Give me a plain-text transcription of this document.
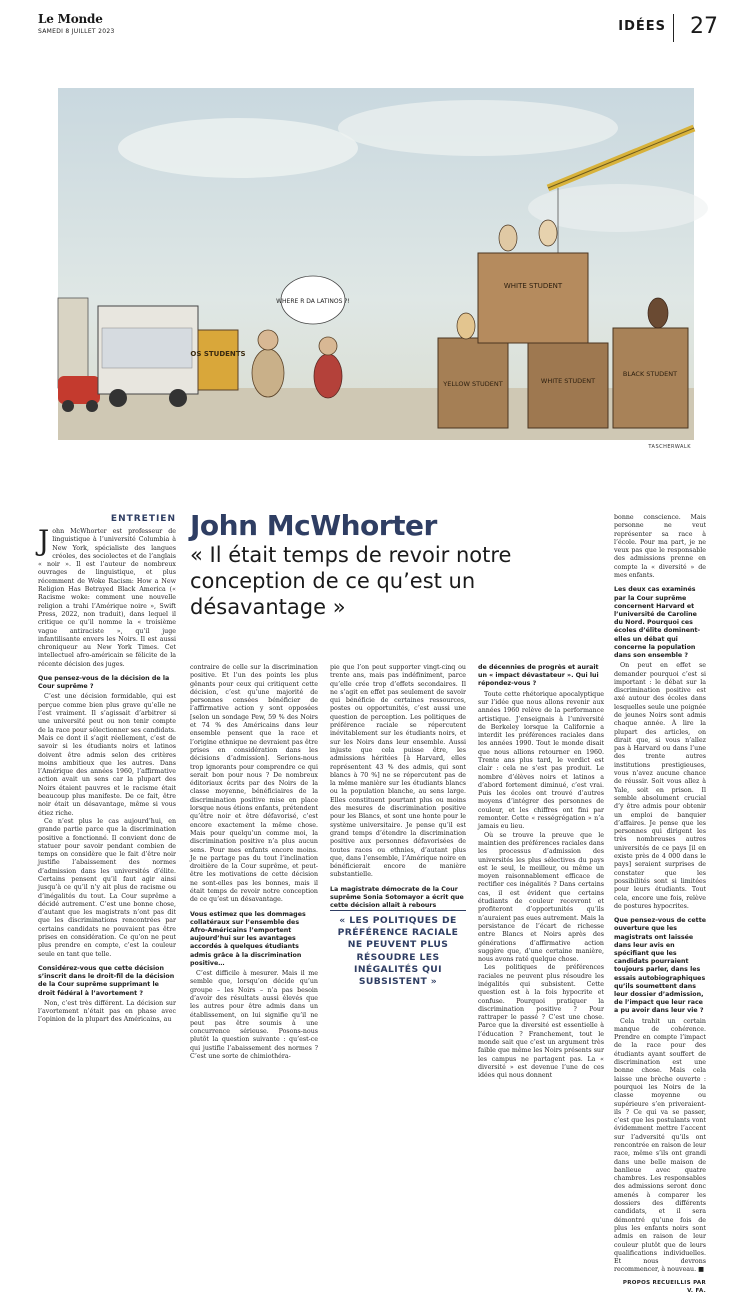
Le Monde
SAMEDI 8 JUILLET 2023	IDÉES 27
OS STUDENTS
WHERE R DA LATINOS ?!
YELLOW STUDENT
WHITE STUDENT
WHITE STUDENT
BLACK STUDENT
TASCHERWALK
ENTRETIEN John McWhorter
« Il était temps de revoir notre conception de ce qu’est un désavantage »

John McWhorter est professeur de linguistique à l’université Columbia à New York, spécialiste des langues créoles, des sociolectes et de l’anglais « noir ». Il est l’auteur de nombreux ouvrages de linguistique, et plus récemment de Woke Racism: How a New Religion Has Betrayed Black America (« Racisme woke: comment une nouvelle religion a trahi l’Amérique noire », Swift Press, 2022, non traduit), dans lequel il critique ce qu’il nomme la « troisième vague antiraciste », qu’il juge infantilisante envers les Noirs. Il est aussi chroniqueur au New York Times. Cet intellectuel afro-américain se félicite de la récente décision des juges.

Que pensez-vous de la décision de la Cour suprême ?

C’est une décision formidable, qui est perçue comme bien plus grave qu’elle ne l’est vraiment. Il s’agissait d’arbitrer si une université peut ou non tenir compte de la race pour sélectionner ses candidats. Mais ce dont il s’agit réellement, c’est de savoir si les étudiants noirs et latinos doivent être admis selon des critères moins ambitieux que les autres. Dans l’Amérique des années 1960, l’affirmative action avait un sens car la plupart des Noirs étaient pauvres et le racisme était beaucoup plus manifeste. De ce fait, être noir était un désavantage, même si vous étiez riche.

Ce n’est plus le cas aujourd’hui, en grande partie parce que la discrimination positive a fonctionné. Il convient donc de statuer pour savoir pendant combien de temps on considère que le fait d’être noir justifie l’abaissement des normes d’admission dans les universités d’élite. Certains pensent qu’il faut agir ainsi jusqu’à ce qu’il n’y ait plus de racisme ou d’inégalités du tout. La Cour suprême a décidé autrement. C’est une bonne chose, d’autant que les magistrats n’ont pas dit que les discriminations rencontrées par certains candidats ne pouvaient pas être prises en considération. Ce qu’on ne peut plus prendre en compte, c’est la couleur seule en tant que telle.

Considérez-vous que cette décision s’inscrit dans le droit-fil de la décision de la Cour suprême supprimant le droit fédéral à l’avortement ?

Non, c’est très différent. La décision sur l’avortement n’était pas en phase avec l’opinion de la plupart des Américains, au

contraire de celle sur la discrimination positive. Et l’un des points les plus gênants pour ceux qui critiquent cette décision, c’est qu’une majorité de personnes censées bénéficier de l’affirmative action y sont opposées [selon un sondage Pew, 59 % des Noirs et 74 % des Américains dans leur ensemble pensent que la race et l’origine ethnique ne devraient pas être prises en considération dans les décisions d’admission]. Serions-nous trop ignorants pour comprendre ce qui serait bon pour nous ? De nombreux éditoriaux écrits par des Noirs de la classe moyenne, bénéficiaires de la discrimination positive mise en place lorsque nous étions enfants, prétendent qu’être noir et être défavorisé, c’est encore exactement la même chose. Mais pour quelqu’un comme moi, la discrimination positive n’a plus aucun sens. Pour mes enfants encore moins. Je ne partage pas du tout l’inclination droitière de la Cour suprême, et peut-être les motivations de cette décision ne sont-elles pas les bonnes, mais il était temps de revoir notre conception de ce qu’est un désavantage.

Vous estimez que les dommages collatéraux sur l’ensemble des Afro-Américains l’emportent aujourd’hui sur les avantages accordés à quelques étudiants admis grâce à la discrimination positive…

C’est difficile à mesurer. Mais il me semble que, lorsqu’on décide qu’un groupe – les Noirs – n’a pas besoin d’avoir des résultats aussi élevés que les autres pour être admis dans un établissement, on lui signifie qu’il ne peut pas être soumis à une concurrence sérieuse. Posons-nous plutôt la question suivante : qu’est-ce qui justifie l’abaissement des normes ? C’est une sorte de chimiothéra-

pie que l’on peut supporter vingt-cinq ou trente ans, mais pas indéfiniment, parce qu’elle crée trop d’effets secondaires. Il ne s’agit en effet pas seulement de savoir qui bénéficie de certaines ressources, postes ou opportunités, c’est aussi une question de perception. Les politiques de préférence raciale se répercutent inévitablement sur les étudiants noirs, et sur les Noirs dans leur ensemble. Aussi injuste que cela puisse être, les admissions héritées [à Harvard, elles représentent 43 % des admis, qui sont blancs à 70 %] ne se répercutent pas de la même manière sur les étudiants blancs ou la population blanche, au sens large. Elles constituent pourtant plus ou moins des mesures de discrimination positive pour les Blancs, et sont une honte pour le système universitaire. Je pense qu’il est grand temps d’étendre la discrimination positive aux personnes défavorisées de toutes races ou ethnies, d’autant plus que, dans l’ensemble, l’Amérique noire en bénéficierait encore de manière substantielle.

La magistrate démocrate de la Cour suprême Sonia Sotomayor a écrit que cette décision allait à rebours

« LES POLITIQUES DE PRÉFÉRENCE RACIALE NE PEUVENT PLUS RÉSOUDRE LES INÉGALITÉS QUI SUBSISTENT »

de décennies de progrès et aurait un « impact dévastateur ». Qui lui répondez-vous ?

Toute cette rhétorique apocalyptique sur l’idée que nous allons revenir aux années 1960 relève de la performance artistique. J’enseignais à l’université de Berkeley lorsque la Californie a interdit les préférences raciales dans les années 1990. Tout le monde disait que nous allions retourner en 1960. Trente ans plus tard, le verdict est clair : cela ne s’est pas produit. Le nombre d’élèves noirs et latinos a d’abord fortement diminué, c’est vrai. Puis les écoles ont trouvé d’autres moyens d’intégrer des personnes de couleur, et les chiffres ont fini par remonter. Cette « rességrégation » n’a jamais eu lieu.

Où se trouve la preuve que le maintien des préférences raciales dans les processus d’admission des universités les plus sélectives du pays est le seul, le meilleur, ou même un moyen raisonnablement efficace de rectifier ces inégalités ? Dans certains cas, il est évident que certains étudiants de couleur recevront et profiteront d’opportunités qu’ils n’auraient pas eues autrement. Mais la persistance de l’écart de richesse entre Blancs et Noirs après des générations d’affirmative action suggère que, d’une certaine manière, nous avons raté quelque chose.

Les politiques de préférences raciales ne peuvent plus résoudre les inégalités qui subsistent. Cette question est à la fois hypocrite et confuse. Pourquoi pratiquer la discrimination positive ? Pour rattraper le passé ? C’est une chose. Parce que la diversité est essentielle à l’éducation ? Franchement, tout le monde sait que c’est un argument très faible que même les Noirs présents sur les campus ne partagent pas. La « diversité » est devenue l’une de ces idées qui nous donnent

bonne conscience. Mais personne ne veut représenter sa race à l’école. Pour ma part, je ne veux pas que le responsable des admissions prenne en compte la « diversité » de mes enfants.

Les deux cas examinés par la Cour suprême concernent Harvard et l’université de Caroline du Nord. Pourquoi ces écoles d’élite dominent-elles un débat qui concerne la population dans son ensemble ?

On peut en effet se demander pourquoi c’est si important : le débat sur la discrimination positive est axé autour des écoles dans lesquelles seule une poignée de jeunes Noirs sont admis chaque année. À lire la plupart des articles, on dirait que, si vous n’allez pas à Harvard ou dans l’une des trente autres institutions prestigieuses, vous n’avez aucune chance de réussir. Soit vous allez à Yale, soit en prison. Il semble absolument crucial d’y être admis pour obtenir un emploi de banquier d’affaires. Je pense que les personnes qui dirigent les très nombreuses autres universités de ce pays [il en existe près de 4 000 dans le pays] seraient surprises de constater que les possibilités sont si limitées pour leurs étudiants. Tout cela, encore une fois, relève de postures hypocrites.

Que pensez-vous de cette ouverture que les magistrats ont laissée dans leur avis en spécifiant que les candidats pourraient toujours parler, dans les essais autobiographiques qu’ils soumettent dans leur dossier d’admission, de l’impact que leur race a pu avoir dans leur vie ?

Cela trahit un certain manque de cohérence. Prendre en compte l’impact de la race pour des étudiants ayant souffert de discrimination est une bonne chose. Mais cela laisse une brèche ouverte : pourquoi les Noirs de la classe moyenne ou supérieure s’en priveraient-ils ? Ce qui va se passer, c’est que les postulants vont évidemment mettre l’accent sur l’adversité qu’ils ont rencontrée en raison de leur race, même s’ils ont grandi dans une belle maison de banlieue avec quatre chambres. Les responsables des admissions seront donc amenés à comparer les dossiers des différents candidats, et il sera démontré qu’une fois de plus les enfants noirs sont admis en raison de leur couleur plutôt que de leurs qualifications individuelles. Et nous devrons recommencer, à nouveau. ■

PROPOS RECUEILLIS PAR V. FA.
